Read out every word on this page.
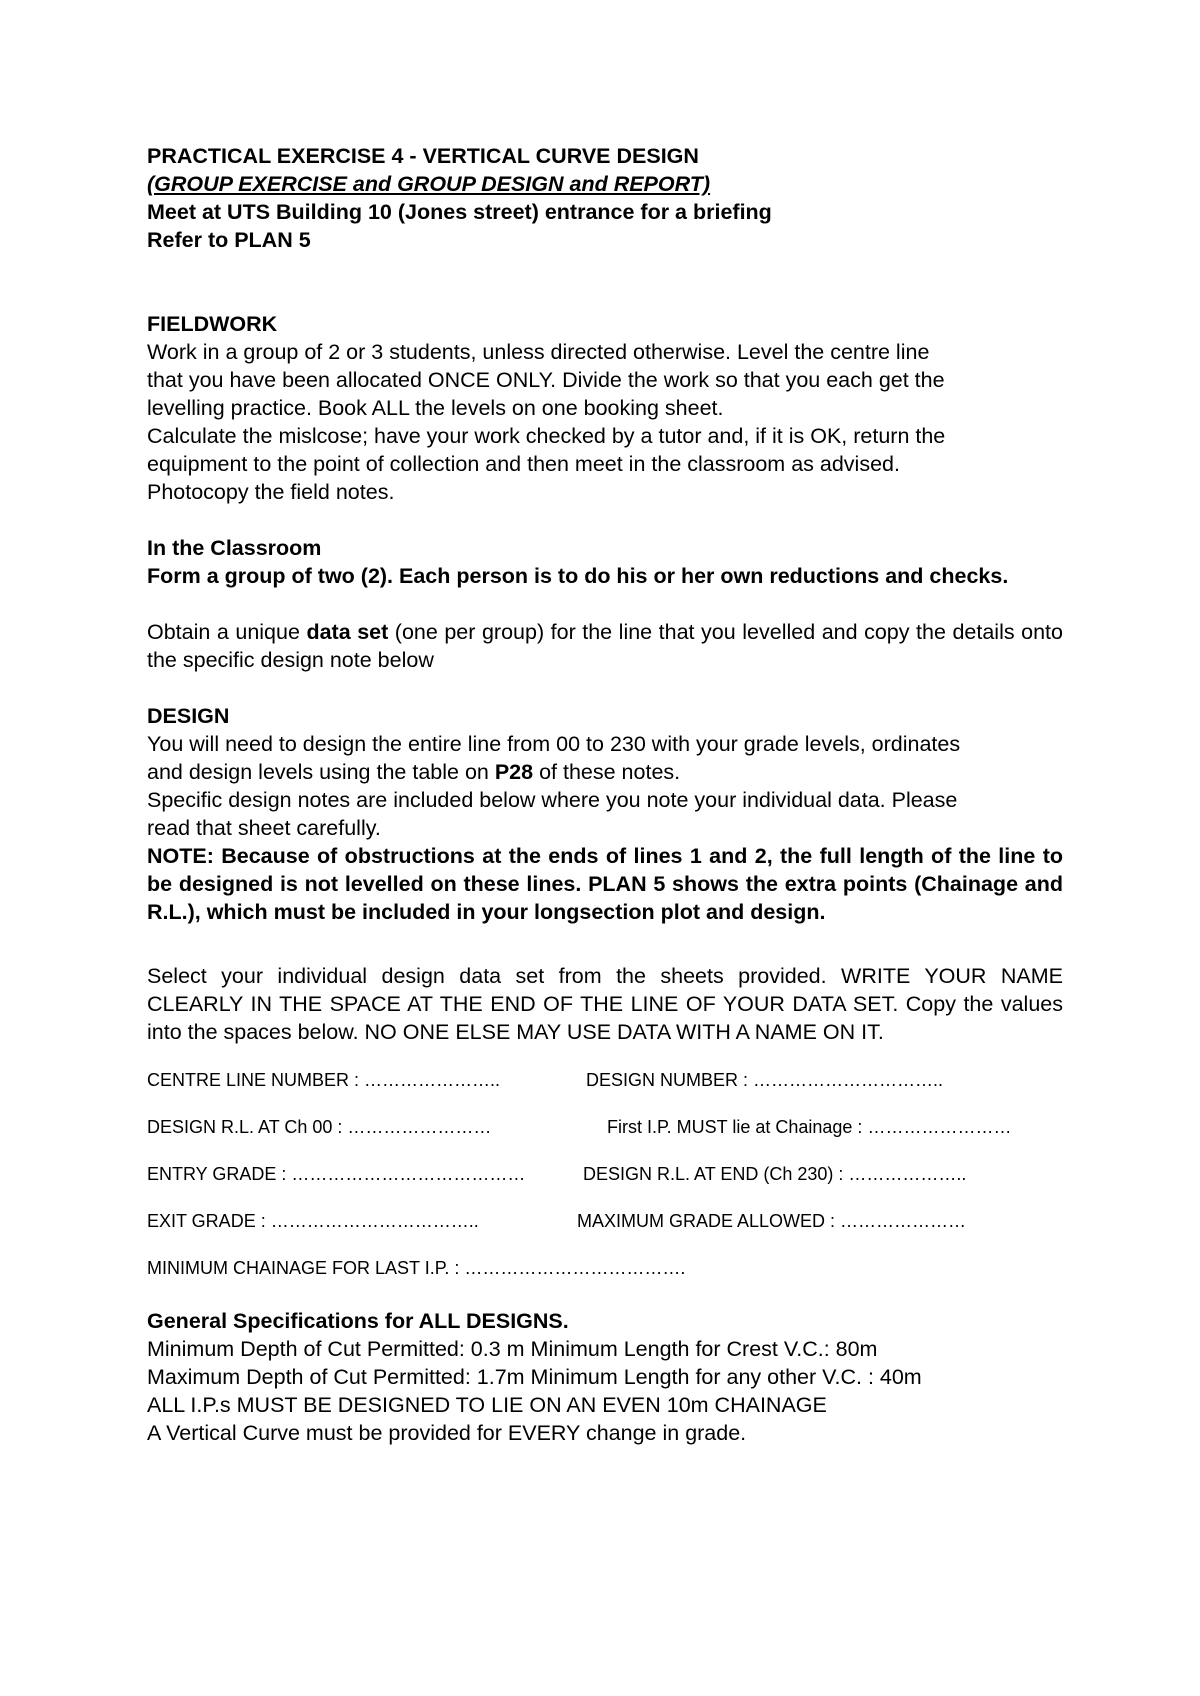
PRACTICAL EXERCISE 4 - VERTICAL CURVE DESIGN

(GROUP EXERCISE and GROUP DESIGN and REPORT)

Meet at UTS Building 10 (Jones street) entrance for a briefing

Refer to PLAN 5

FIELDWORK

Work in a group of 2 or 3 students, unless directed otherwise. Level the centre line

that you have been allocated ONCE ONLY. Divide the work so that you each get the

levelling practice. Book ALL the levels on one booking sheet.

Calculate the mislcose; have your work checked by a tutor and, if it is OK, return the

equipment to the point of collection and then meet in the classroom as advised.

Photocopy the field notes.

In the Classroom

Form a group of two (2). Each person is to do his or her own reductions and checks.

Obtain a unique data set (one per group) for the line that you levelled and copy the details onto the specific design note below

DESIGN

You will need to design the entire line from 00 to 230 with your grade levels, ordinates

and design levels using the table on P28 of these notes.

Specific design notes are included below where you note your individual data. Please

read that sheet carefully.

NOTE: Because of obstructions at the ends of lines 1 and 2, the full length of the line to be designed is not levelled on these lines. PLAN 5 shows the extra points (Chainage and R.L.), which must be included in your longsection plot and design.

Select your individual design data set from the sheets provided. WRITE YOUR NAME CLEARLY IN THE SPACE AT THE END OF THE LINE OF YOUR DATA SET. Copy the values into the spaces below. NO ONE ELSE MAY USE DATA WITH A NAME ON IT.

CENTRE LINE NUMBER : …………………..	DESIGN NUMBER : …………………………..
DESIGN R.L. AT Ch 00 : ……………………	First I.P. MUST lie at Chainage : ……………………
ENTRY GRADE : …………………………………	DESIGN R.L. AT END (Ch 230) : ………………..
EXIT GRADE : ……………………………..	MAXIMUM GRADE ALLOWED : …………………
MINIMUM CHAINAGE FOR LAST I.P. : ……………………………….

General Specifications for ALL DESIGNS.

Minimum Depth of Cut Permitted: 0.3 m Minimum Length for Crest V.C.: 80m

Maximum Depth of Cut Permitted: 1.7m Minimum Length for any other V.C. : 40m

ALL I.P.s MUST BE DESIGNED TO LIE ON AN EVEN 10m CHAINAGE

A Vertical Curve must be provided for EVERY change in grade.
